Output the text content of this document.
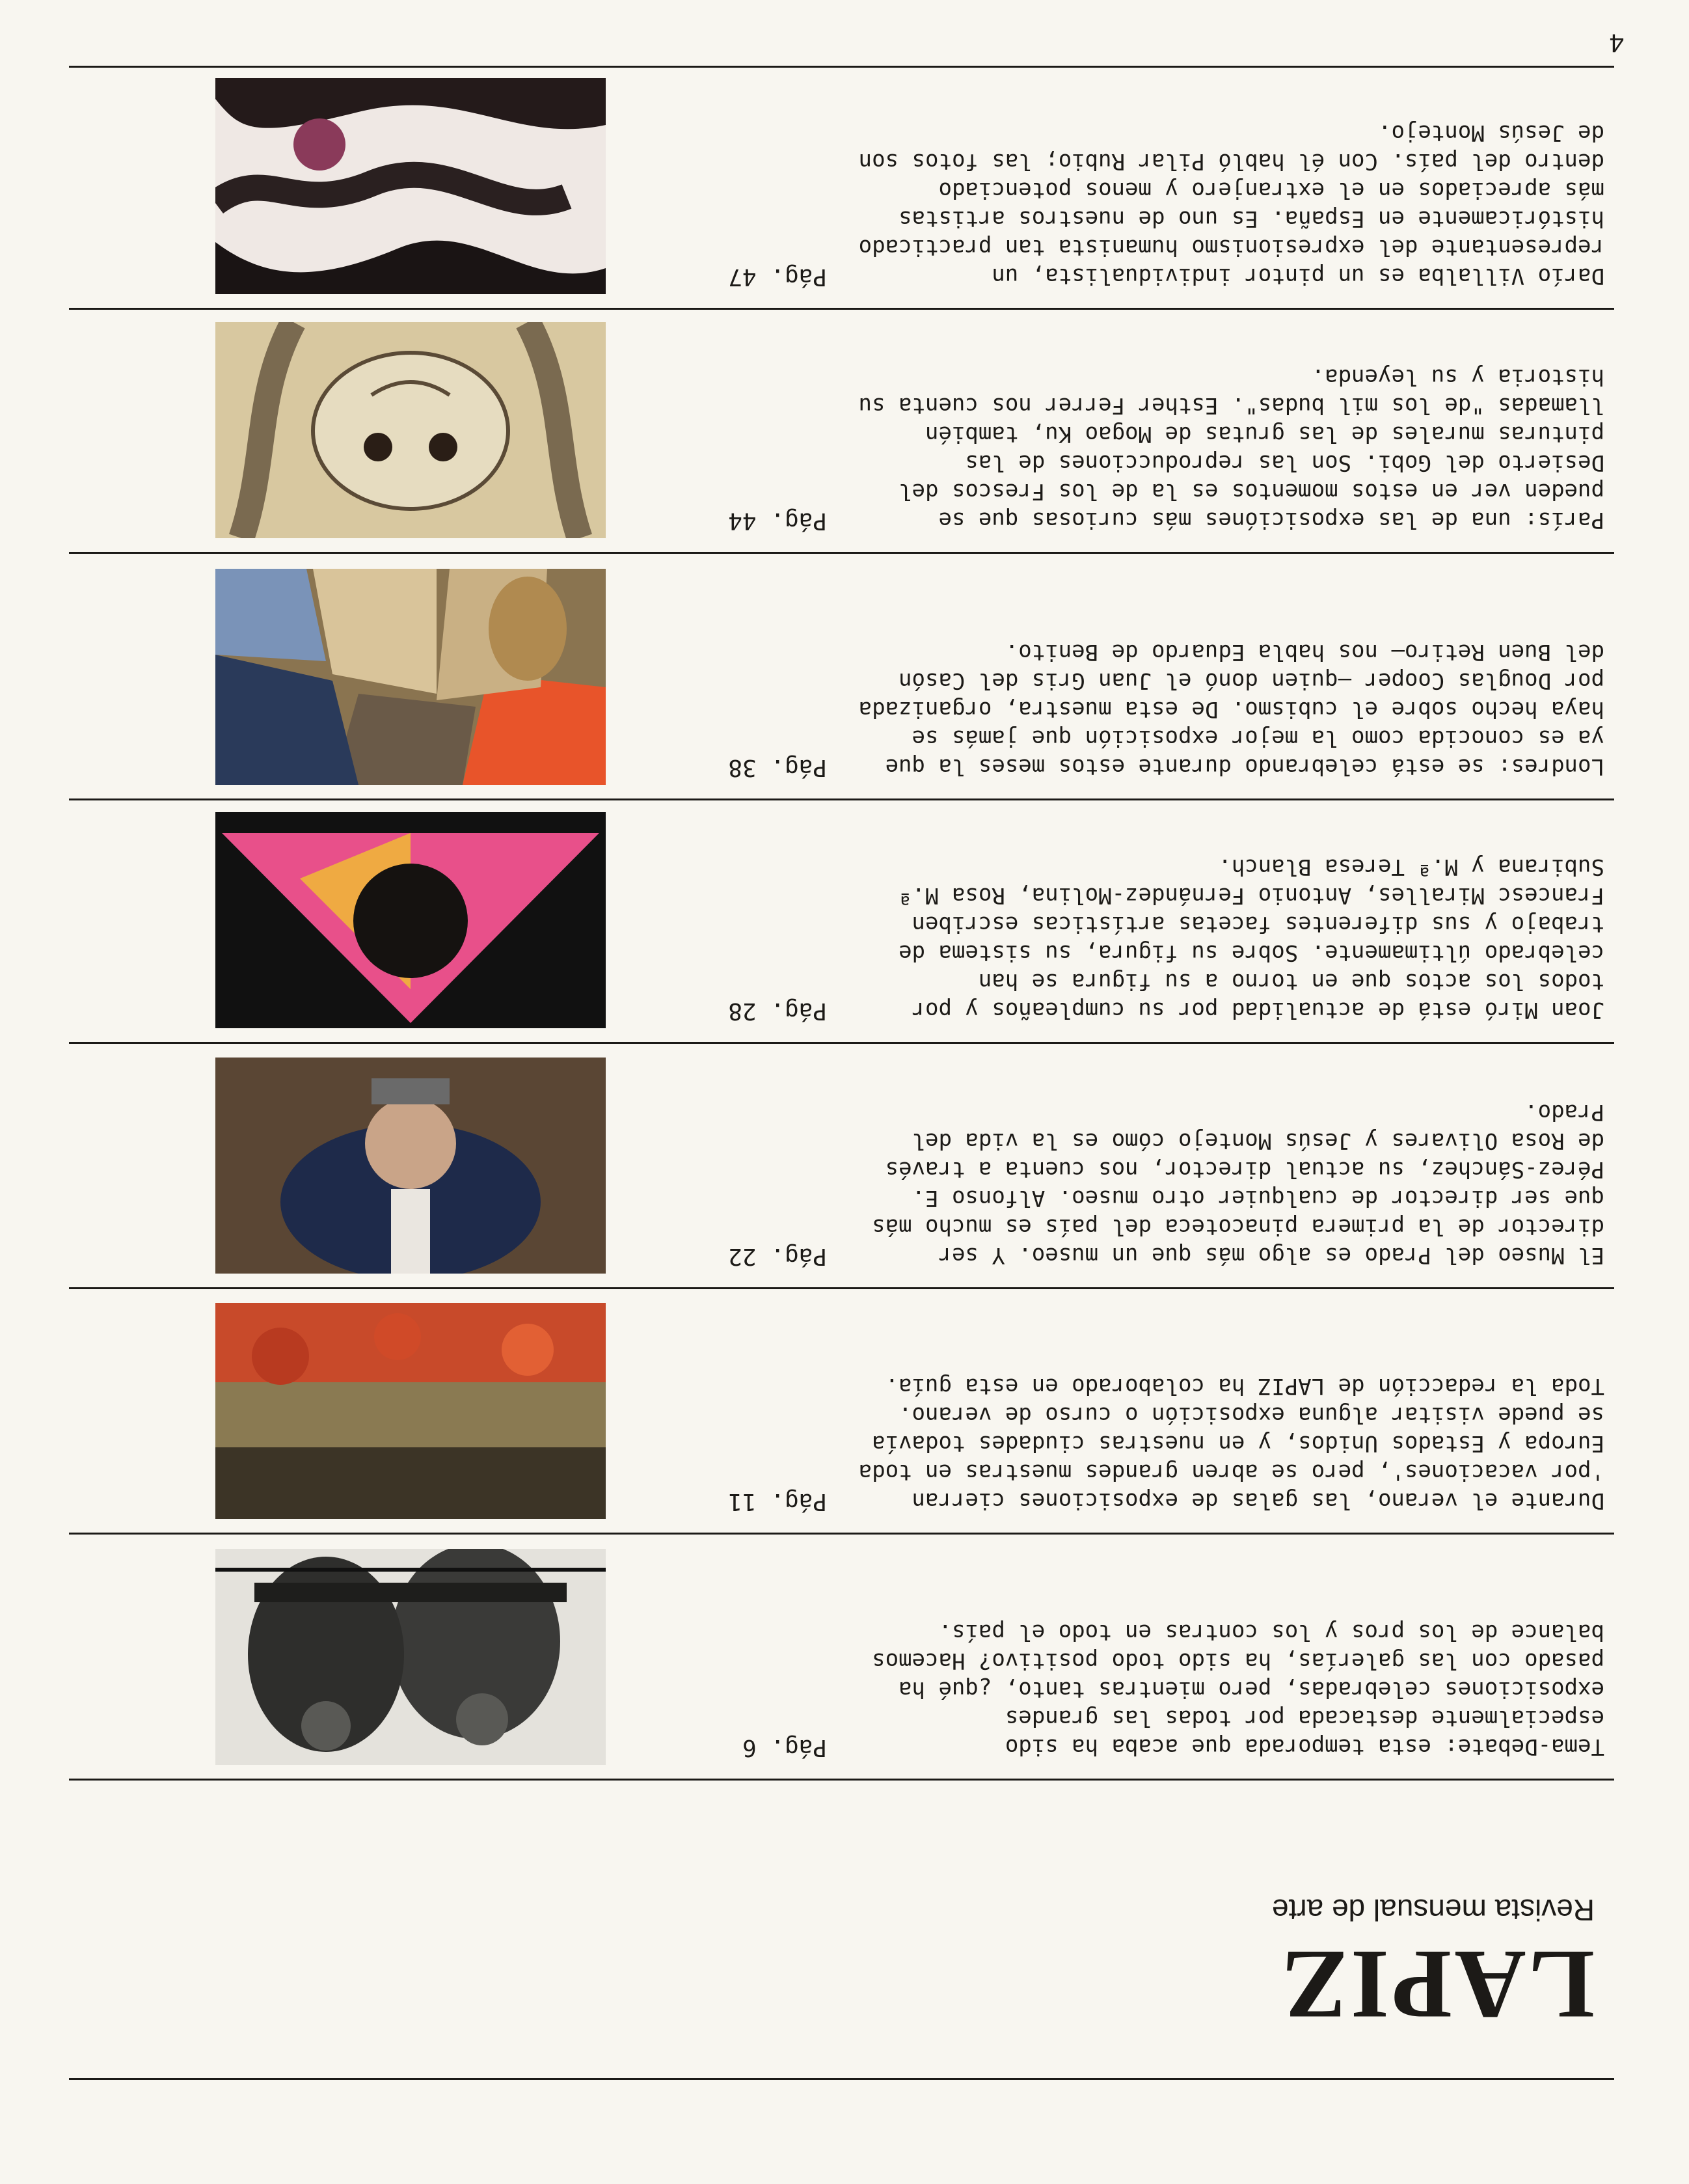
LAPIZ
Revista mensual de arte

Tema-Debate: esta temporada que acaba ha sido especialmente destacada por todas las grandes exposiciones celebradas, pero mientras tanto, ¿qué ha pasado con las galerías, ha sido todo positivo? Hacemos balance de los pros y los contras en todo el país.

Pág. 6

Durante el verano, las galas de exposiciones cierran 'por vacaciones', pero se abren grandes muestras en toda Europa y Estados Unidos, y en nuestras ciudades todavía se puede visitar alguna exposición o curso de verano. Toda la redacción de LAPIZ ha colaborado en esta guía.

Pág. 11

El Museo del Prado es algo más que un museo. Y ser director de la primera pinacoteca del país es mucho más que ser director de cualquier otro museo. Alfonso E. Pérez-Sánchez, su actual director, nos cuenta a través de Rosa Olivares y Jesús Montejo cómo es la vida del Prado.

Pág. 22

Joan Miró está de actualidad por su cumpleaños y por todos los actos que en torno a su figura se han celebrado últimamente. Sobre su figura, su sistema de trabajo y sus diferentes facetas artísticas escriben Francesc Miralles, Antonio Fernández-Molina, Rosa M.ª Subirana y M.ª Teresa Blanch.

Pág. 28

Londres: se está celebrando durante estos meses la que ya es conocida como la mejor exposición que jamás se haya hecho sobre el cubismo. De esta muestra, organizada por Douglas Cooper —quien donó el Juan Gris del Casón del Buen Retiro— nos habla Eduardo de Benito.

Pág. 38

París: una de las exposiciónes más curiosas que se pueden ver en estos momentos es la de los Frescos del Desierto del Gobi. Son las reproducciones de las pinturas murales de las grutas de Mogao Ku, también llamadas "de los mil budas". Esther Ferrer nos cuenta su historia y su leyenda.

Pág. 44

Darío Villalba es un pintor individualista, un representante del expresionismo humanista tan practicado históricamente en España. Es uno de nuestros artistas más apreciados en el extranjero y menos potenciado dentro del país. Con él habló Pilar Rubio; las fotos son de Jesús Montejo.

Pág. 47
4
